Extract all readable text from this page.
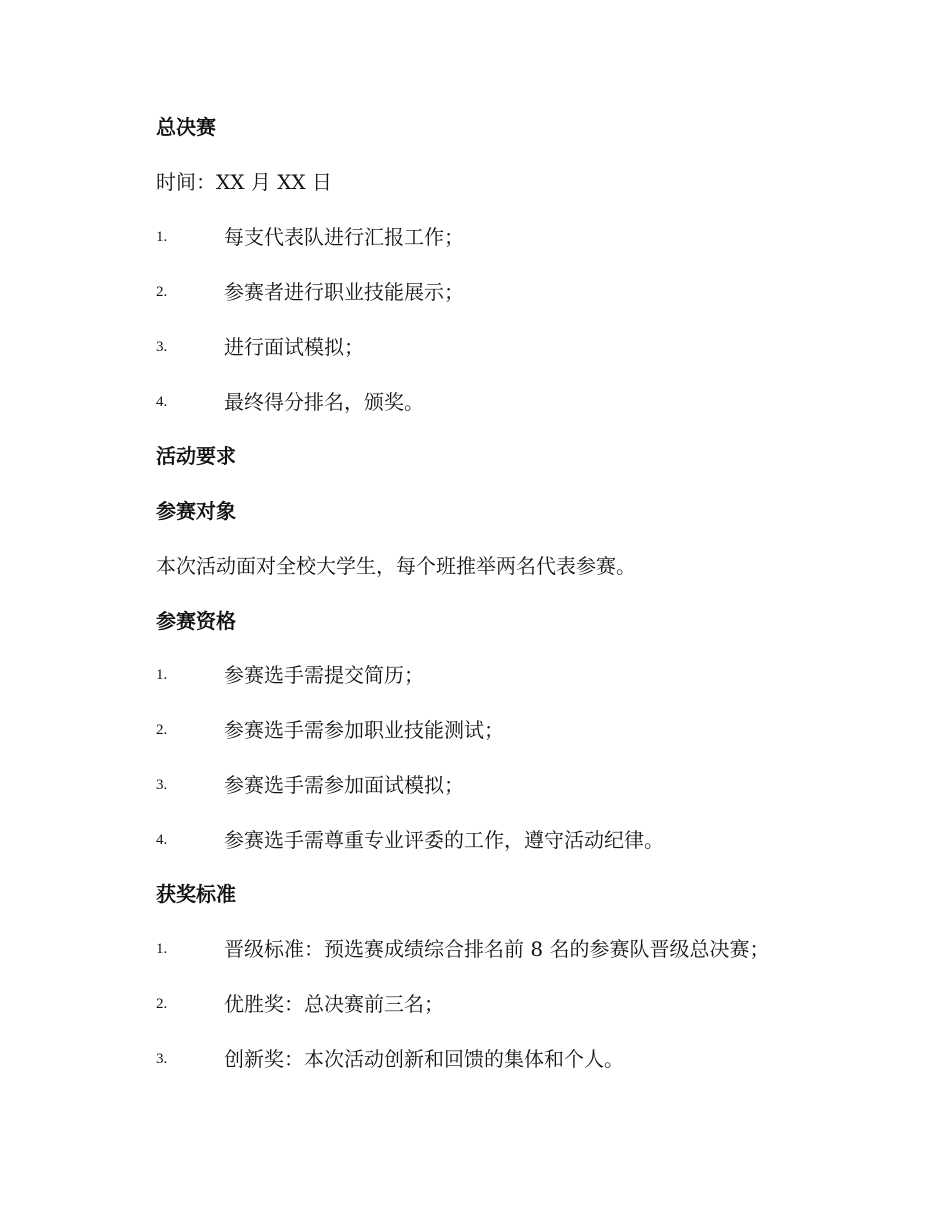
总决赛
时间：XX 月 XX 日
1.	每支代表队进行汇报工作；
2.	参赛者进行职业技能展示；
3.	进行面试模拟；
4.	最终得分排名，颁奖。
活动要求
参赛对象
本次活动面对全校大学生，每个班推举两名代表参赛。
参赛资格
1.	参赛选手需提交简历；
2.	参赛选手需参加职业技能测试；
3.	参赛选手需参加面试模拟；
4.	参赛选手需尊重专业评委的工作，遵守活动纪律。
获奖标准
1.	晋级标准：预选赛成绩综合排名前 8 名的参赛队晋级总决赛；
2.	优胜奖：总决赛前三名；
3.	创新奖：本次活动创新和回馈的集体和个人。
